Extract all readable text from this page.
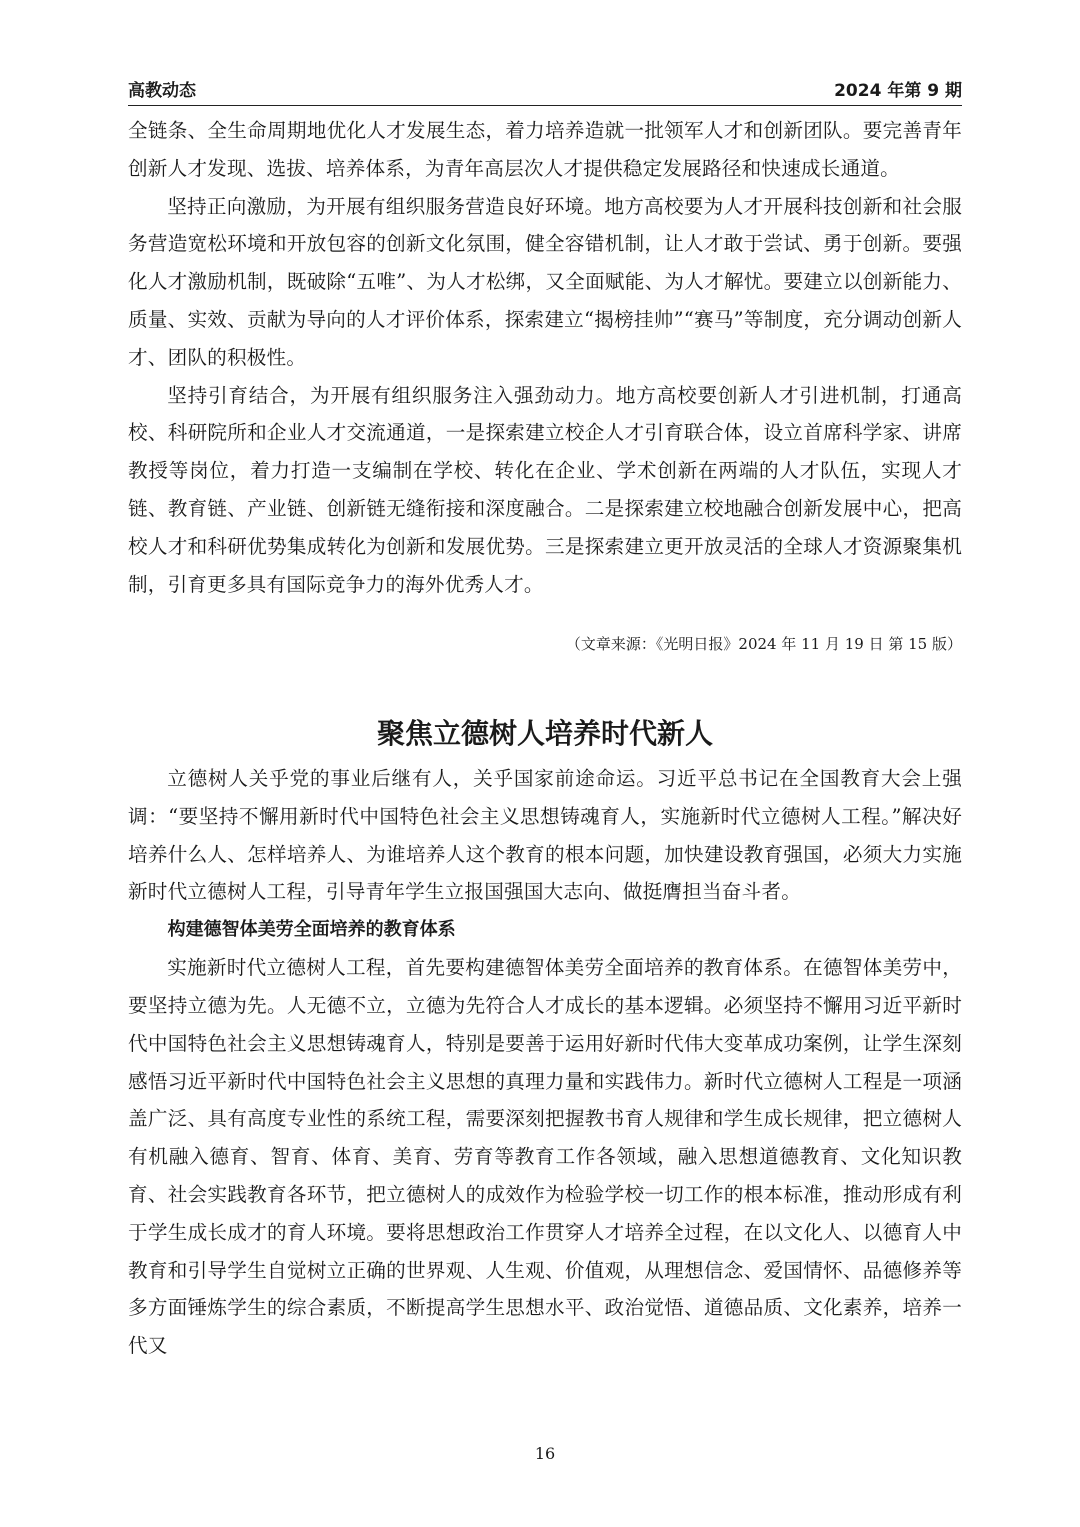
高教动态	2024 年第 9 期

全链条、全生命周期地优化人才发展生态，着力培养造就一批领军人才和创新团队。要完善青年创新人才发现、选拔、培养体系，为青年高层次人才提供稳定发展路径和快速成长通道。

坚持正向激励，为开展有组织服务营造良好环境。地方高校要为人才开展科技创新和社会服务营造宽松环境和开放包容的创新文化氛围，健全容错机制，让人才敢于尝试、勇于创新。要强化人才激励机制，既破除“五唯”、为人才松绑，又全面赋能、为人才解忧。要建立以创新能力、质量、实效、贡献为导向的人才评价体系，探索建立“揭榜挂帅”“赛马”等制度，充分调动创新人才、团队的积极性。

坚持引育结合，为开展有组织服务注入强劲动力。地方高校要创新人才引进机制，打通高校、科研院所和企业人才交流通道，一是探索建立校企人才引育联合体，设立首席科学家、讲席教授等岗位，着力打造一支编制在学校、转化在企业、学术创新在两端的人才队伍，实现人才链、教育链、产业链、创新链无缝衔接和深度融合。二是探索建立校地融合创新发展中心，把高校人才和科研优势集成转化为创新和发展优势。三是探索建立更开放灵活的全球人才资源聚集机制，引育更多具有国际竞争力的海外优秀人才。

（文章来源：《光明日报》2024 年 11 月 19 日 第 15 版）
聚焦立德树人培养时代新人

立德树人关乎党的事业后继有人，关乎国家前途命运。习近平总书记在全国教育大会上强调：“要坚持不懈用新时代中国特色社会主义思想铸魂育人，实施新时代立德树人工程。”解决好培养什么人、怎样培养人、为谁培养人这个教育的根本问题，加快建设教育强国，必须大力实施新时代立德树人工程，引导青年学生立报国强国大志向、做挺膺担当奋斗者。

构建德智体美劳全面培养的教育体系

实施新时代立德树人工程，首先要构建德智体美劳全面培养的教育体系。在德智体美劳中，要坚持立德为先。人无德不立，立德为先符合人才成长的基本逻辑。必须坚持不懈用习近平新时代中国特色社会主义思想铸魂育人，特别是要善于运用好新时代伟大变革成功案例，让学生深刻感悟习近平新时代中国特色社会主义思想的真理力量和实践伟力。新时代立德树人工程是一项涵盖广泛、具有高度专业性的系统工程，需要深刻把握教书育人规律和学生成长规律，把立德树人有机融入德育、智育、体育、美育、劳育等教育工作各领域，融入思想道德教育、文化知识教育、社会实践教育各环节，把立德树人的成效作为检验学校一切工作的根本标准，推动形成有利于学生成长成才的育人环境。要将思想政治工作贯穿人才培养全过程，在以文化人、以德育人中教育和引导学生自觉树立正确的世界观、人生观、价值观，从理想信念、爱国情怀、品德修养等多方面锤炼学生的综合素质，不断提高学生思想水平、政治觉悟、道德品质、文化素养，培养一代又

16
